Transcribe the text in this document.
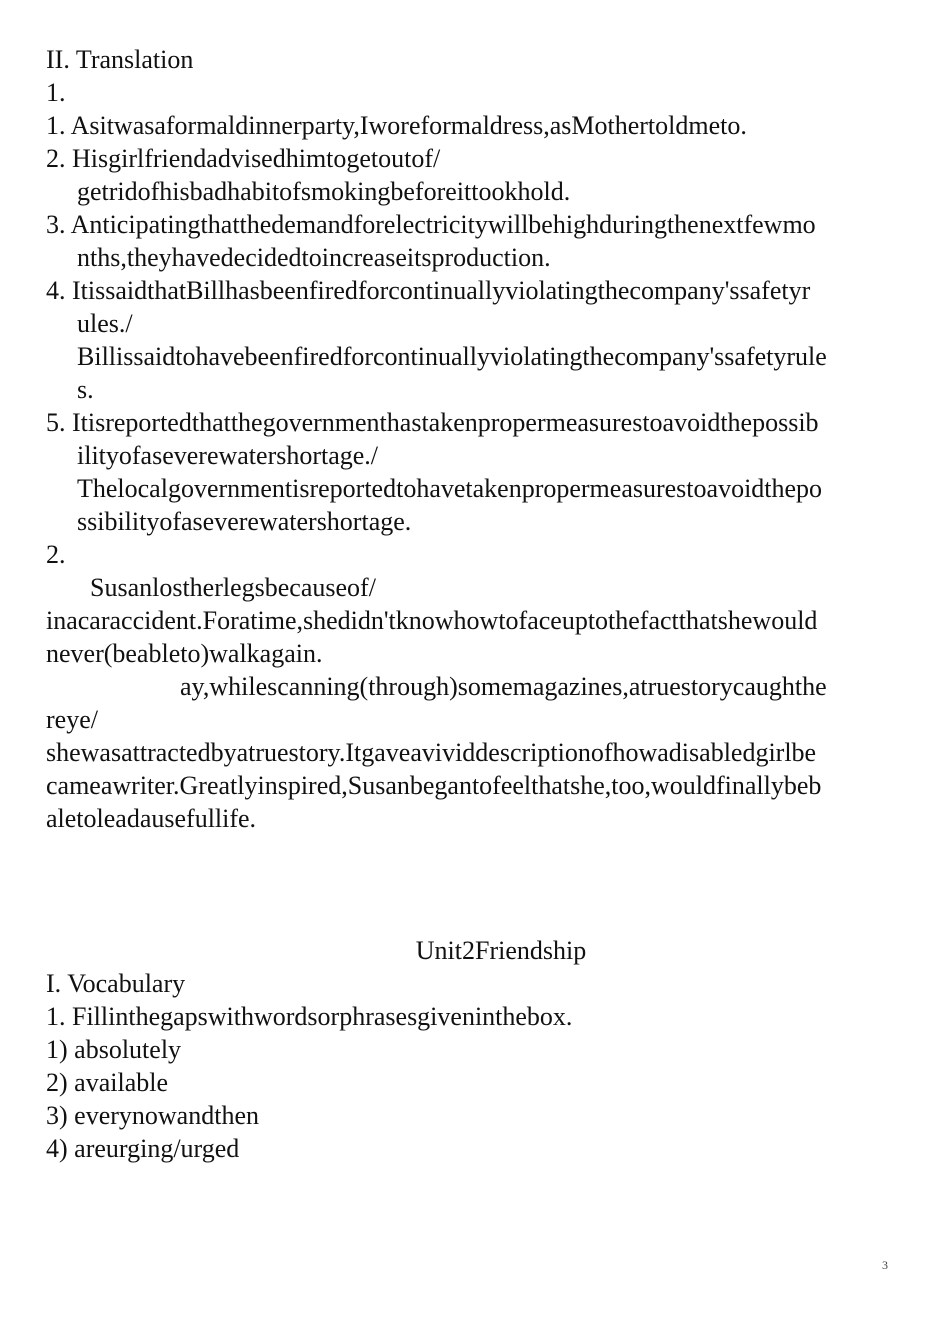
II. Translation
1.
1. Asitwasaformaldinnerparty,Iworeformaldress,asMothertoldmeto.
2. Hisgirlfriendadvisedhimtogetoutof/
getridofhisbadhabitofsmokingbeforeittookhold.
3. Anticipatingthatthedemandforelectricitywillbehighduringthenextfewmo
nths,theyhavedecidedtoincreaseitsproduction.
4. ItissaidthatBillhasbeenfiredforcontinuallyviolatingthecompany'ssafetyr
ules./
Billissaidtohavebeenfiredforcontinuallyviolatingthecompany'ssafetyrule
s.
5. Itisreportedthatthegovernmenthastakenpropermeasurestoavoidthepossib
ilityofaseverewatershortage./
Thelocalgovernmentisreportedtohavetakenpropermeasurestoavoidthepo
ssibilityofaseverewatershortage.
2.
Susanlostherlegsbecauseof/
inacaraccident.Foratime,shedidn'tknowhowtofaceuptothefactthatshewould
never(beableto)walkagain.
ay,whilescanning(through)somemagazines,atruestorycaughthe
reye/
shewasattractedbyatruestory.Itgaveavividdescriptionofhowadisabledgirlbe
cameawriter.Greatlyinspired,Susanbegantofeelthatshe,too,wouldfinallybeb
aletoleadausefullife.
Unit2Friendship
I. Vocabulary
1. Fillinthegapswithwordsorphrasesgiveninthebox.
1) absolutely
2) available
3) everynowandthen
4) areurging/urged
3
